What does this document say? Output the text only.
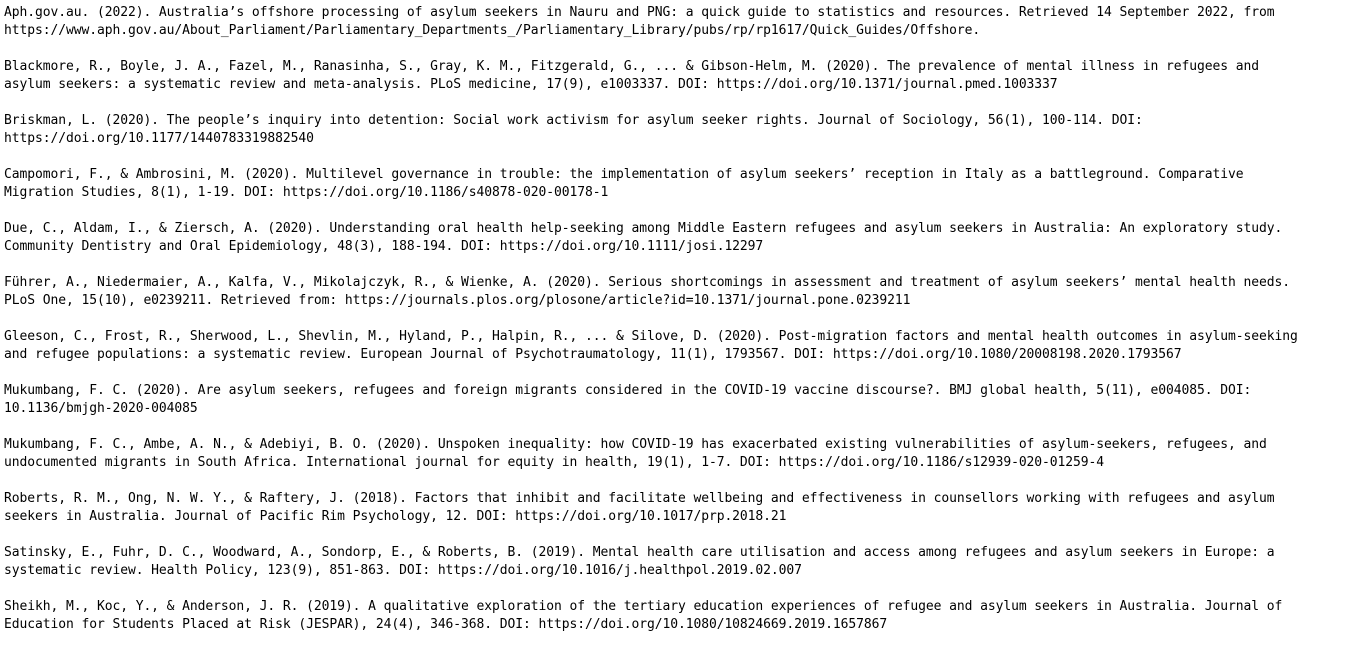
Aph.gov.au. (2022). Australia’s offshore processing of asylum seekers in Nauru and PNG: a quick guide to statistics and resources. Retrieved 14 September 2022, from
https://www.aph.gov.au/About_Parliament/Parliamentary_Departments_/Parliamentary_Library/pubs/rp/rp1617/Quick_Guides/Offshore.
Blackmore, R., Boyle, J. A., Fazel, M., Ranasinha, S., Gray, K. M., Fitzgerald, G., ... & Gibson-Helm, M. (2020). The prevalence of mental illness in refugees and
asylum seekers: a systematic review and meta-analysis. PLoS medicine, 17(9), e1003337. DOI: https://doi.org/10.1371/journal.pmed.1003337
Briskman, L. (2020). The people’s inquiry into detention: Social work activism for asylum seeker rights. Journal of Sociology, 56(1), 100-114. DOI:
https://doi.org/10.1177/1440783319882540
Campomori, F., & Ambrosini, M. (2020). Multilevel governance in trouble: the implementation of asylum seekers’ reception in Italy as a battleground. Comparative
Migration Studies, 8(1), 1-19. DOI: https://doi.org/10.1186/s40878-020-00178-1
Due, C., Aldam, I., & Ziersch, A. (2020). Understanding oral health help-seeking among Middle Eastern refugees and asylum seekers in Australia: An exploratory study.
Community Dentistry and Oral Epidemiology, 48(3), 188-194. DOI: https://doi.org/10.1111/josi.12297
Führer, A., Niedermaier, A., Kalfa, V., Mikolajczyk, R., & Wienke, A. (2020). Serious shortcomings in assessment and treatment of asylum seekers’ mental health needs.
PLoS One, 15(10), e0239211. Retrieved from: https://journals.plos.org/plosone/article?id=10.1371/journal.pone.0239211
Gleeson, C., Frost, R., Sherwood, L., Shevlin, M., Hyland, P., Halpin, R., ... & Silove, D. (2020). Post-migration factors and mental health outcomes in asylum-seeking
and refugee populations: a systematic review. European Journal of Psychotraumatology, 11(1), 1793567. DOI: https://doi.org/10.1080/20008198.2020.1793567
Mukumbang, F. C. (2020). Are asylum seekers, refugees and foreign migrants considered in the COVID-19 vaccine discourse?. BMJ global health, 5(11), e004085. DOI:
10.1136/bmjgh-2020-004085
Mukumbang, F. C., Ambe, A. N., & Adebiyi, B. O. (2020). Unspoken inequality: how COVID-19 has exacerbated existing vulnerabilities of asylum-seekers, refugees, and
undocumented migrants in South Africa. International journal for equity in health, 19(1), 1-7. DOI: https://doi.org/10.1186/s12939-020-01259-4
Roberts, R. M., Ong, N. W. Y., & Raftery, J. (2018). Factors that inhibit and facilitate wellbeing and effectiveness in counsellors working with refugees and asylum
seekers in Australia. Journal of Pacific Rim Psychology, 12. DOI: https://doi.org/10.1017/prp.2018.21
Satinsky, E., Fuhr, D. C., Woodward, A., Sondorp, E., & Roberts, B. (2019). Mental health care utilisation and access among refugees and asylum seekers in Europe: a
systematic review. Health Policy, 123(9), 851-863. DOI: https://doi.org/10.1016/j.healthpol.2019.02.007
Sheikh, M., Koc, Y., & Anderson, J. R. (2019). A qualitative exploration of the tertiary education experiences of refugee and asylum seekers in Australia. Journal of
Education for Students Placed at Risk (JESPAR), 24(4), 346-368. DOI: https://doi.org/10.1080/10824669.2019.1657867
